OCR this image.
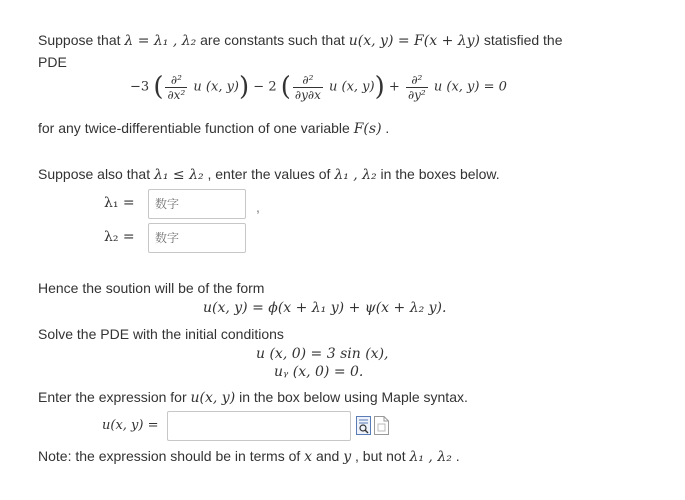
Suppose that λ = λ₁ , λ₂ are constants such that u(x, y) = F(x + λy) statisfied the
PDE
−3 ( $\frac{\text{∂²}}{\text{∂x²}}$ u (x, y)) − 2 ( $\frac{\text{∂²}}{\partial y\partial x}$ u (x, $y)) + \frac{\text{∂²}}{\text{∂y²}}$ u (x, y) = 0
for any twice-differentiable function of one variable F(s) .
Suppose also that λ₁ ≤ λ₂ , enter the values of λ₁ , λ₂ in the boxes below.
λ₁ =
数字	,
λ₂ =
数字
Hence the soution will be of the form
u(x, y) = ϕ(x + λ₁ y) + ψ(x + λ₂ y).
Solve the PDE with the initial conditions
u (x, 0) = 3 sin (x),
uᵧ (x, 0) = 0.
Enter the expression for u(x, y) in the box below using Maple syntax.
u(x, y) =
Note: the expression should be in terms of x and y , but not λ₁ , λ₂ .
